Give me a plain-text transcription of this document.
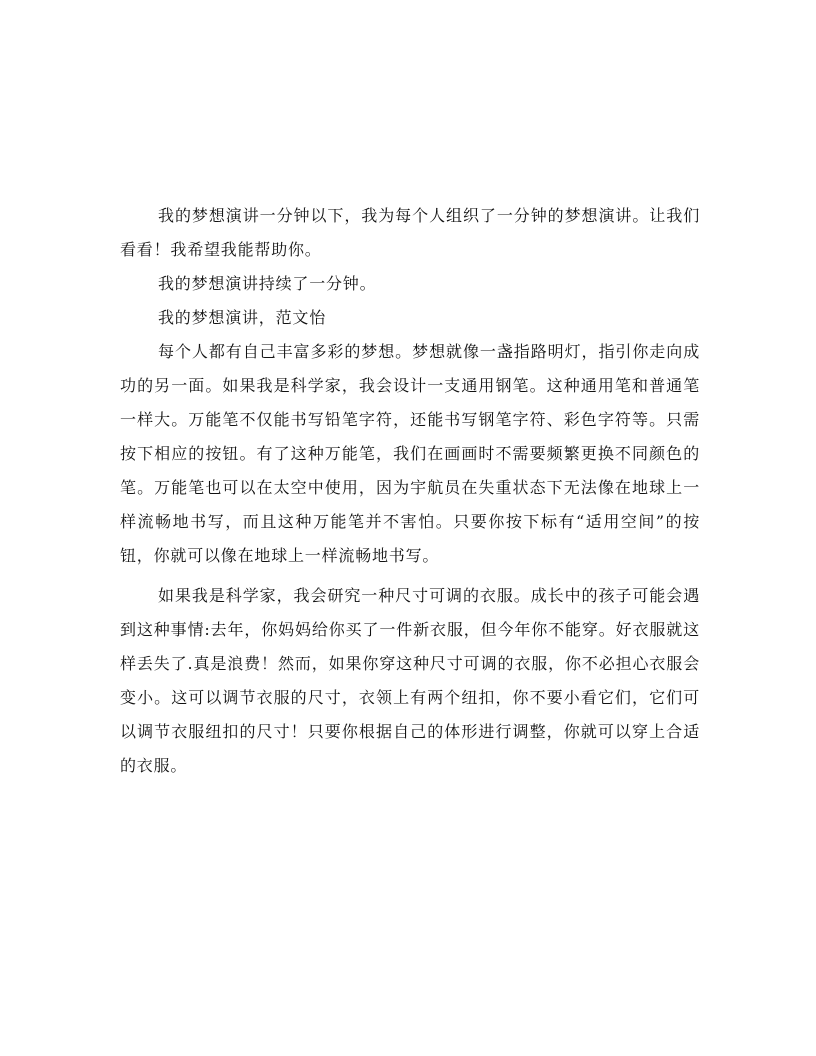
我的梦想演讲一分钟以下，我为每个人组织了一分钟的梦想演讲。让我们看看！我希望我能帮助你。

我的梦想演讲持续了一分钟。

我的梦想演讲，范文怡

每个人都有自己丰富多彩的梦想。梦想就像一盏指路明灯，指引你走向成功的另一面。如果我是科学家，我会设计一支通用钢笔。这种通用笔和普通笔一样大。万能笔不仅能书写铅笔字符，还能书写钢笔字符、彩色字符等。只需按下相应的按钮。有了这种万能笔，我们在画画时不需要频繁更换不同颜色的笔。万能笔也可以在太空中使用，因为宇航员在失重状态下无法像在地球上一样流畅地书写，而且这种万能笔并不害怕。只要你按下标有“适用空间”的按钮，你就可以像在地球上一样流畅地书写。

如果我是科学家，我会研究一种尺寸可调的衣服。成长中的孩子可能会遇到这种事情:去年，你妈妈给你买了一件新衣服，但今年你不能穿。好衣服就这样丢失了.真是浪费！然而，如果你穿这种尺寸可调的衣服，你不必担心衣服会变小。这可以调节衣服的尺寸，衣领上有两个纽扣，你不要小看它们，它们可以调节衣服纽扣的尺寸！只要你根据自己的体形进行调整，你就可以穿上合适的衣服。
